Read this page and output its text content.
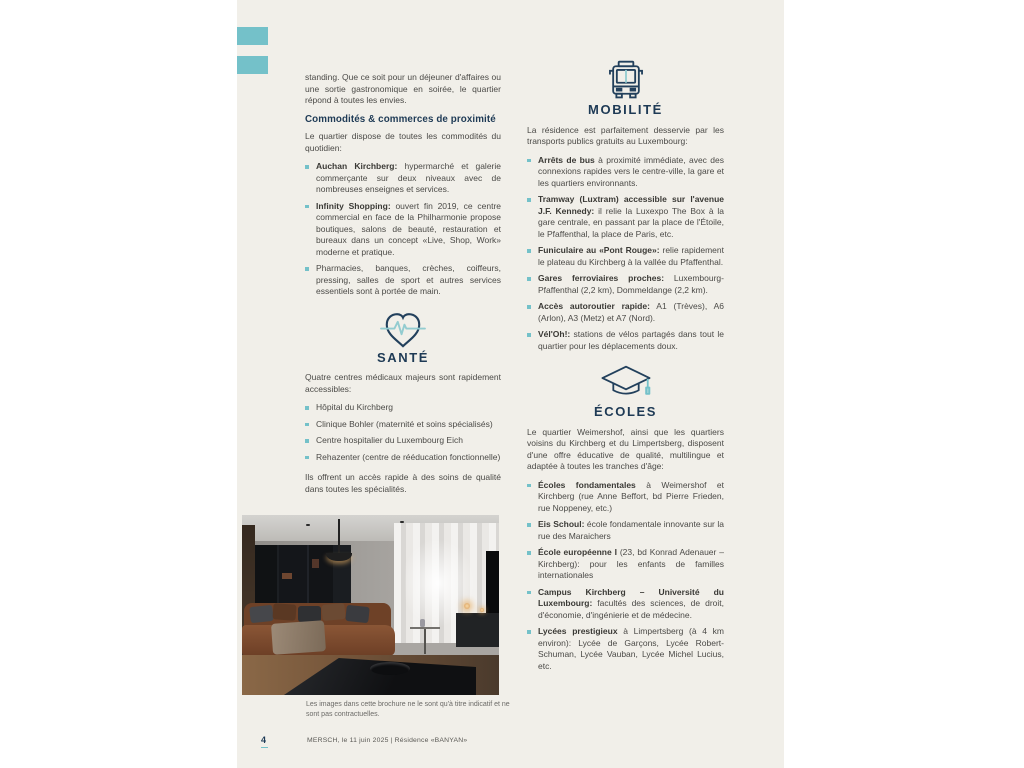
standing. Que ce soit pour un déjeuner d'affaires ou une sortie gastronomique en soirée, le quartier répond à toutes les envies.

Commodités & commerces de proximité

Le quartier dispose de toutes les commodités du quotidien:

Auchan Kirchberg: hypermarché et galerie commerçante sur deux niveaux avec de nombreuses enseignes et services.
Infinity Shopping: ouvert fin 2019, ce centre commercial en face de la Philharmonie propose boutiques, salons de beauté, restauration et bureaux dans un concept «Live, Shop, Work» moderne et pratique.
Pharmacies, banques, crèches, coiffeurs, pressing, salles de sport et autres services essentiels sont à portée de main.
SANTÉ

Quatre centres médicaux majeurs sont rapidement accessibles:

Hôpital du Kirchberg
Clinique Bohler (maternité et soins spécialisés)
Centre hospitalier du Luxembourg Eich
Rehazenter (centre de rééducation fonctionnelle)

Ils offrent un accès rapide à des soins de qualité dans toutes les spécialités.

MOBILITÉ

La résidence est parfaitement desservie par les transports publics gratuits au Luxembourg:

Arrêts de bus à proximité immédiate, avec des connexions rapides vers le centre-ville, la gare et les quartiers environnants.
Tramway (Luxtram) accessible sur l'avenue J.F. Kennedy: il relie la Luxexpo The Box à la gare centrale, en passant par la place de l'Étoile, le Pfaffenthal, la place de Paris, etc.
Funiculaire au «Pont Rouge»: relie rapidement le plateau du Kirchberg à la vallée du Pfaffenthal.
Gares ferroviaires proches: Luxembourg-Pfaffenthal (2,2 km), Dommeldange (2,2 km).
Accès autoroutier rapide: A1 (Trèves), A6 (Arlon), A3 (Metz) et A7 (Nord).
Vél'Oh!: stations de vélos partagés dans tout le quartier pour les déplacements doux.
ÉCOLES

Le quartier Weimershof, ainsi que les quartiers voisins du Kirchberg et du Limpertsberg, disposent d'une offre éducative de qualité, multilingue et adaptée à toutes les tranches d'âge:

Écoles fondamentales à Weimershof et Kirchberg (rue Anne Beffort, bd Pierre Frieden, rue Noppeney, etc.)
Eis Schoul: école fondamentale innovante sur la rue des Maraichers
École européenne I (23, bd Konrad Adenauer – Kirchberg): pour les enfants de familles internationales
Campus Kirchberg – Université du Luxembourg: facultés des sciences, de droit, d'économie, d'ingénierie et de médecine.
Lycées prestigieux à Limpertsberg (à 4 km environ): Lycée de Garçons, Lycée Robert-Schuman, Lycée Vauban, Lycée Michel Lucius, etc.
Les images dans cette brochure ne le sont qu'à titre indicatif et ne sont pas contractuelles.
4	MERSCH, le 11 juin 2025 | Résidence «BANYAN»
